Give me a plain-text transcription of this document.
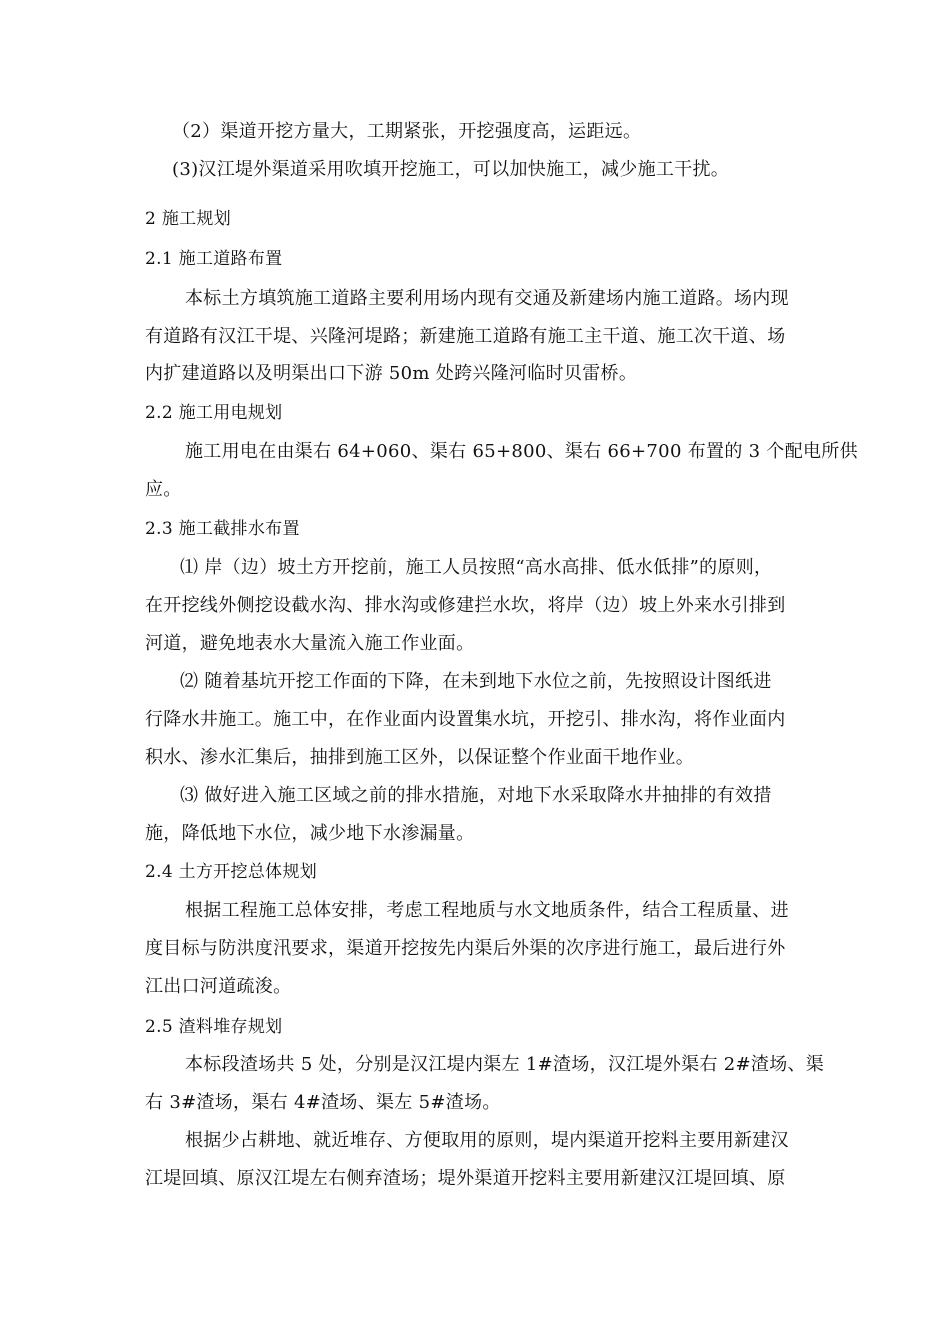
（2）渠道开挖方量大，工期紧张，开挖强度高，运距远。
(3)汉江堤外渠道采用吹填开挖施工，可以加快施工，减少施工干扰。
2 施工规划
2.1 施工道路布置
本标土方填筑施工道路主要利用场内现有交通及新建场内施工道路。场内现
有道路有汉江干堤、兴隆河堤路；新建施工道路有施工主干道、施工次干道、场
内扩建道路以及明渠出口下游 50m 处跨兴隆河临时贝雷桥。
2.2 施工用电规划
施工用电在由渠右 64+060、渠右 65+800、渠右 66+700 布置的 3 个配电所供
应。
2.3 施工截排水布置
⑴ 岸（边）坡土方开挖前，施工人员按照“高水高排、低水低排”的原则，
在开挖线外侧挖设截水沟、排水沟或修建拦水坎，将岸（边）坡上外来水引排到
河道，避免地表水大量流入施工作业面。
⑵ 随着基坑开挖工作面的下降，在未到地下水位之前，先按照设计图纸进
行降水井施工。施工中，在作业面内设置集水坑，开挖引、排水沟，将作业面内
积水、渗水汇集后，抽排到施工区外，以保证整个作业面干地作业。
⑶ 做好进入施工区域之前的排水措施，对地下水采取降水井抽排的有效措
施，降低地下水位，减少地下水渗漏量。
2.4 土方开挖总体规划
根据工程施工总体安排，考虑工程地质与水文地质条件，结合工程质量、进
度目标与防洪度汛要求，渠道开挖按先内渠后外渠的次序进行施工，最后进行外
江出口河道疏浚。
2.5 渣料堆存规划
本标段渣场共 5 处，分别是汉江堤内渠左 1#渣场，汉江堤外渠右 2#渣场、渠
右 3#渣场，渠右 4#渣场、渠左 5#渣场。
根据少占耕地、就近堆存、方便取用的原则，堤内渠道开挖料主要用新建汉
江堤回填、原汉江堤左右侧弃渣场；堤外渠道开挖料主要用新建汉江堤回填、原
